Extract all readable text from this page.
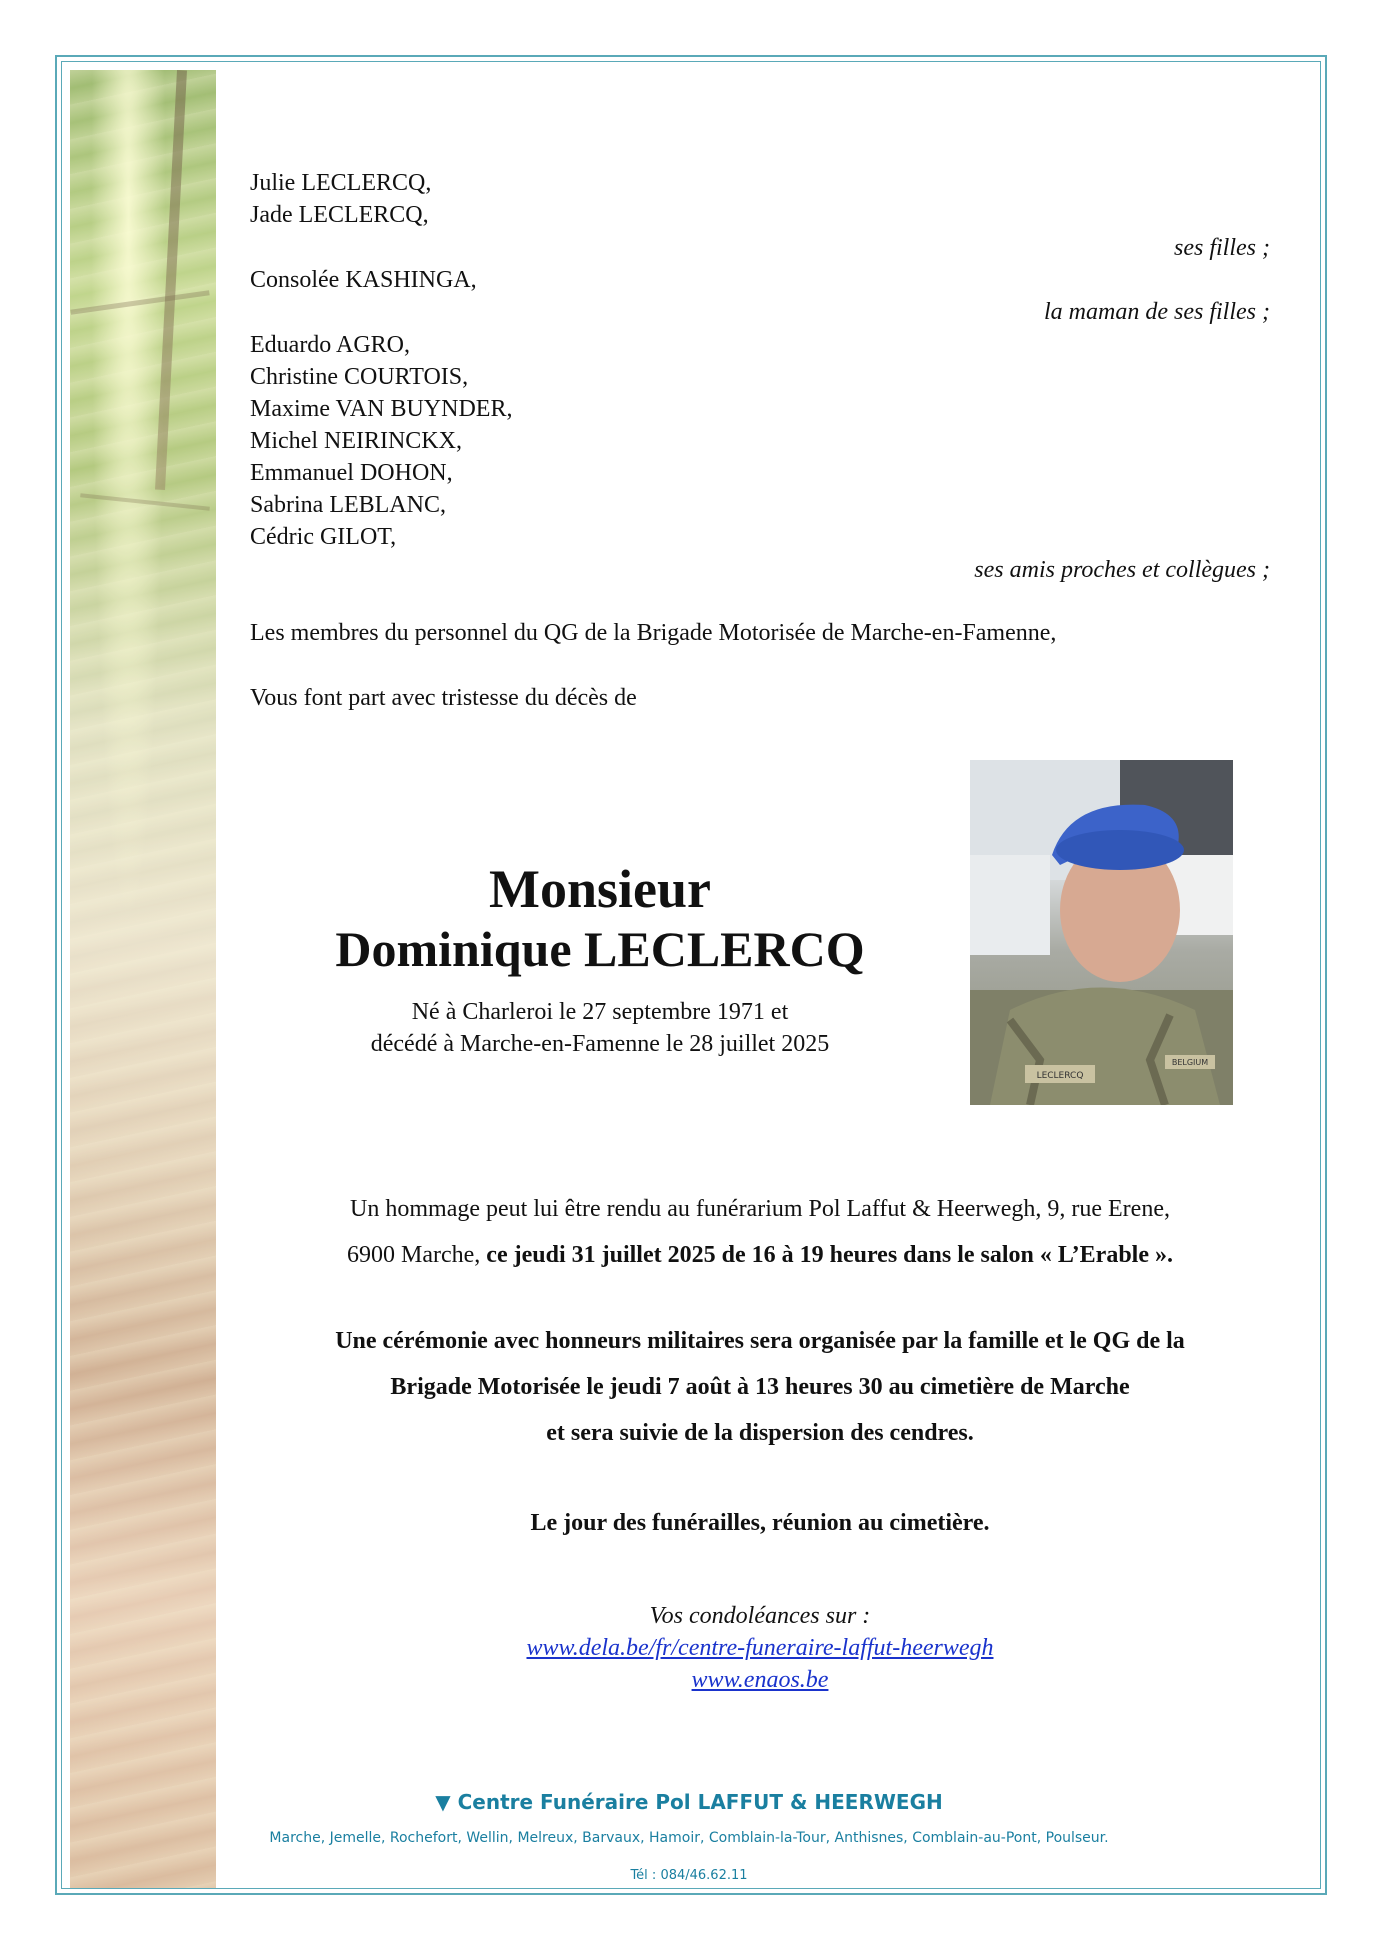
Julie LECLERCQ,
Jade LECLERCQ,
ses filles ;
Consolée KASHINGA,
la maman de ses filles ;
Eduardo AGRO,
Christine COURTOIS,
Maxime VAN BUYNDER,
Michel NEIRINCKX,
Emmanuel DOHON,
Sabrina LEBLANC,
Cédric GILOT,
ses amis proches et collègues ;
Les membres du personnel du QG de la Brigade Motorisée de Marche-en-Famenne,
Vous font part avec tristesse du décès de
Monsieur
Dominique LECLERCQ
Né à Charleroi le 27 septembre 1971 et
décédé à Marche-en-Famenne le 28 juillet 2025
LECLERCQ
BELGIUM
Un hommage peut lui être rendu au funérarium Pol Laffut & Heerwegh, 9, rue Erene,
6900 Marche, ce jeudi 31 juillet 2025 de 16 à 19 heures dans le salon « L’Erable ».
Une cérémonie avec honneurs militaires sera organisée par la famille et le QG de la
Brigade Motorisée le jeudi 7 août à 13 heures 30 au cimetière de Marche
et sera suivie de la dispersion des cendres.
Le jour des funérailles, réunion au cimetière.
Vos condoléances sur :
www.dela.be/fr/centre-funeraire-laffut-heerwegh
www.enaos.be
▼ Centre Funéraire Pol LAFFUT & HEERWEGH
Marche, Jemelle, Rochefort, Wellin, Melreux, Barvaux, Hamoir, Comblain-la-Tour, Anthisnes, Comblain-au-Pont, Poulseur.
Tél : 084/46.62.11
